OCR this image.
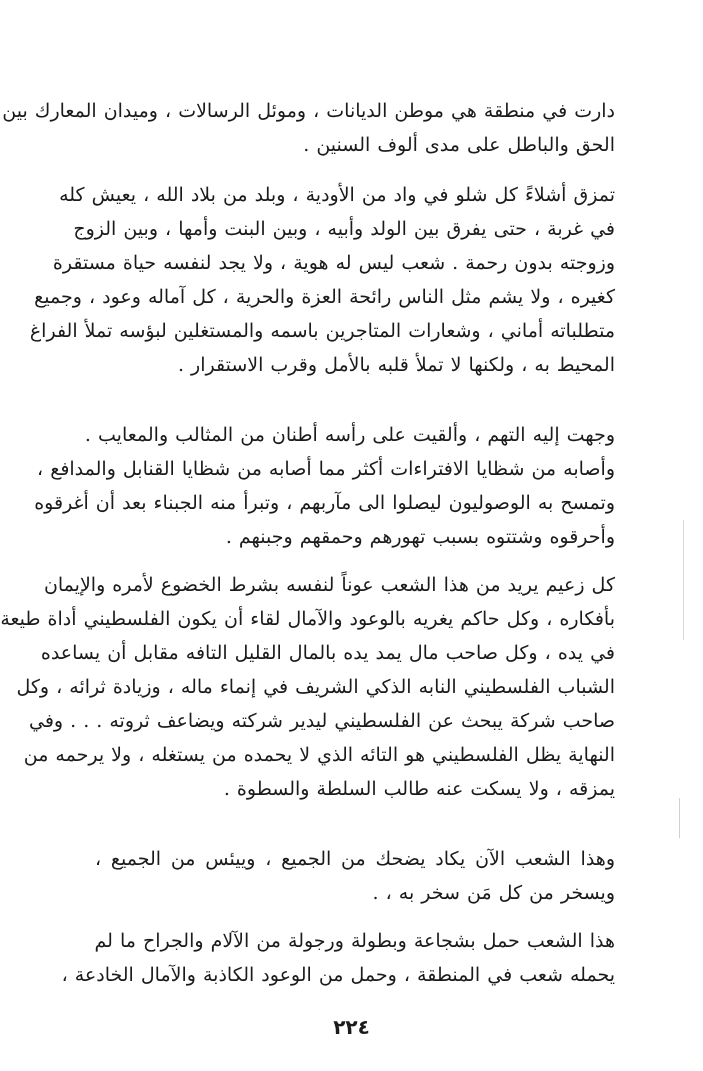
دارت في منطقة هي موطن الديانات ، وموئل الرسالات ، وميدان المعارك بين
الحق والباطل على مدى ألوف السنين .
تمزق أشلاءً كل شلو في واد من الأودية ، وبلد من بلاد الله ، يعيش كله
في غربة ، حتى يفرق بين الولد وأبيه ، وبين البنت وأمها ، وبين الزوج
وزوجته بدون رحمة . شعب ليس له هوية ، ولا يجد لنفسه حياة مستقرة
كغيره ، ولا يشم مثل الناس رائحة العزة والحرية ، كل آماله وعود ، وجميع
متطلباته أماني ، وشعارات المتاجرين باسمه والمستغلين لبؤسه تملأ الفراغ
المحيط به ، ولكنها لا تملأ قلبه بالأمل وقرب الاستقرار .
وجهت إليه التهم ، وألقيت على رأسه أطنان من المثالب والمعايب .
وأصابه من شظايا الافتراءات أكثر مما أصابه من شظايا القنابل والمدافع ،
وتمسح به الوصوليون ليصلوا الى مآربهم ، وتبرأ منه الجبناء بعد أن أغرقوه
وأحرقوه وشتتوه بسبب تهورهم وحمقهم وجبنهم .
كل زعيم يريد من هذا الشعب عوناً لنفسه بشرط الخضوع لأمره والإيمان
بأفكاره ، وكل حاكم يغريه بالوعود والآمال لقاء أن يكون الفلسطيني أداة طيعة
في يده ، وكل صاحب مال يمد يده بالمال القليل التافه مقابل أن يساعده
الشباب الفلسطيني النابه الذكي الشريف في إنماء ماله ، وزيادة ثرائه ، وكل
صاحب شركة يبحث عن الفلسطيني ليدير شركته ويضاعف ثروته . . . وفي
النهاية يظل الفلسطيني هو التائه الذي لا يحمده من يستغله ، ولا يرحمه من
يمزقه ، ولا يسكت عنه طالب السلطة والسطوة .
وهذا الشعب الآن يكاد يضحك من الجميع ، وييئس من الجميع ،
ويسخر من كل مَن سخر به ، .
هذا الشعب حمل بشجاعة وبطولة ورجولة من الآلام والجراح ما لم
يحمله شعب في المنطقة ، وحمل من الوعود الكاذبة والآمال الخادعة ،
٢٢٤
